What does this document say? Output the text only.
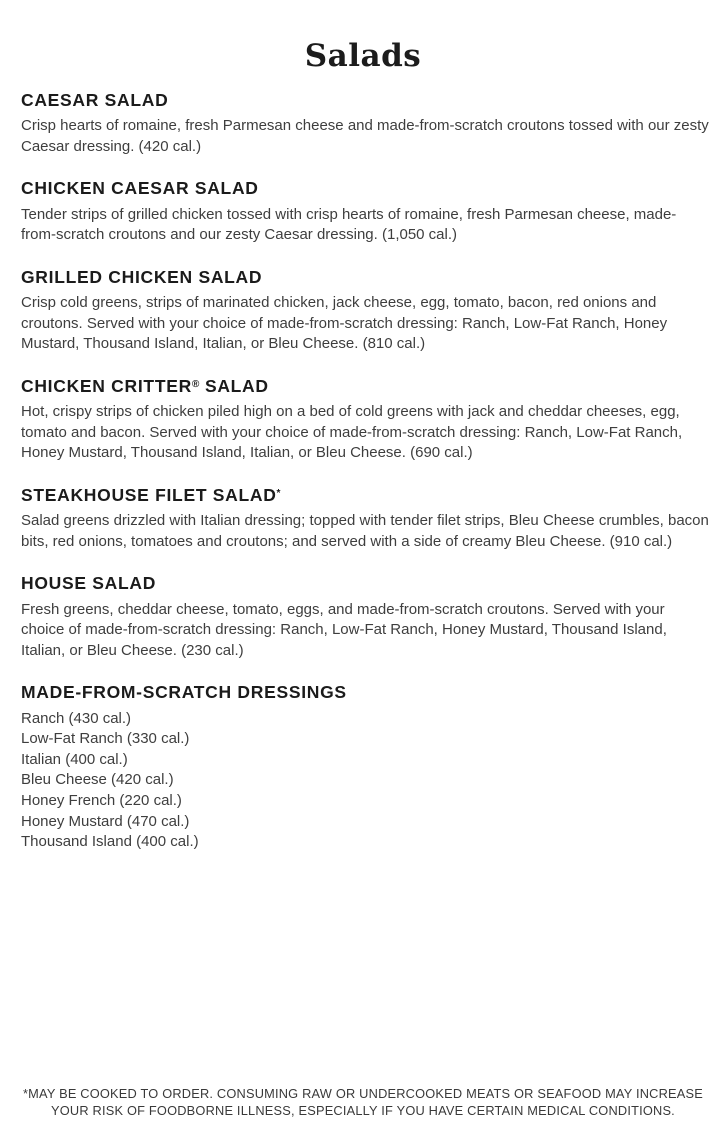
Salads
CAESAR SALAD

Crisp hearts of romaine, fresh Parmesan cheese and made-from-scratch croutons tossed with our zesty Caesar dressing. (420 cal.)

CHICKEN CAESAR SALAD

Tender strips of grilled chicken tossed with crisp hearts of romaine, fresh Parmesan cheese, made-from-scratch croutons and our zesty Caesar dressing. (1,050 cal.)

GRILLED CHICKEN SALAD

Crisp cold greens, strips of marinated chicken, jack cheese, egg, tomato, bacon, red onions and croutons. Served with your choice of made-from-scratch dressing: Ranch, Low-Fat Ranch, Honey Mustard, Thousand Island, Italian, or Bleu Cheese. (810 cal.)

CHICKEN CRITTER® SALAD

Hot, crispy strips of chicken piled high on a bed of cold greens with jack and cheddar cheeses, egg, tomato and bacon. Served with your choice of made-from-scratch dressing: Ranch, Low-Fat Ranch, Honey Mustard, Thousand Island, Italian, or Bleu Cheese. (690 cal.)

STEAKHOUSE FILET SALAD*

Salad greens drizzled with Italian dressing; topped with tender filet strips, Bleu Cheese crumbles, bacon bits, red onions, tomatoes and croutons; and served with a side of creamy Bleu Cheese. (910 cal.)

HOUSE SALAD

Fresh greens, cheddar cheese, tomato, eggs, and made-from-scratch croutons. Served with your choice of made-from-scratch dressing: Ranch, Low-Fat Ranch, Honey Mustard, Thousand Island, Italian, or Bleu Cheese. (230 cal.)

MADE-FROM-SCRATCH DRESSINGS
Ranch (430 cal.)
Low-Fat Ranch (330 cal.)
Italian (400 cal.)
Bleu Cheese (420 cal.)
Honey French (220 cal.)
Honey Mustard (470 cal.)
Thousand Island (400 cal.)
*MAY BE COOKED TO ORDER. CONSUMING RAW OR UNDERCOOKED MEATS OR SEAFOOD MAY INCREASE
YOUR RISK OF FOODBORNE ILLNESS, ESPECIALLY IF YOU HAVE CERTAIN MEDICAL CONDITIONS.
